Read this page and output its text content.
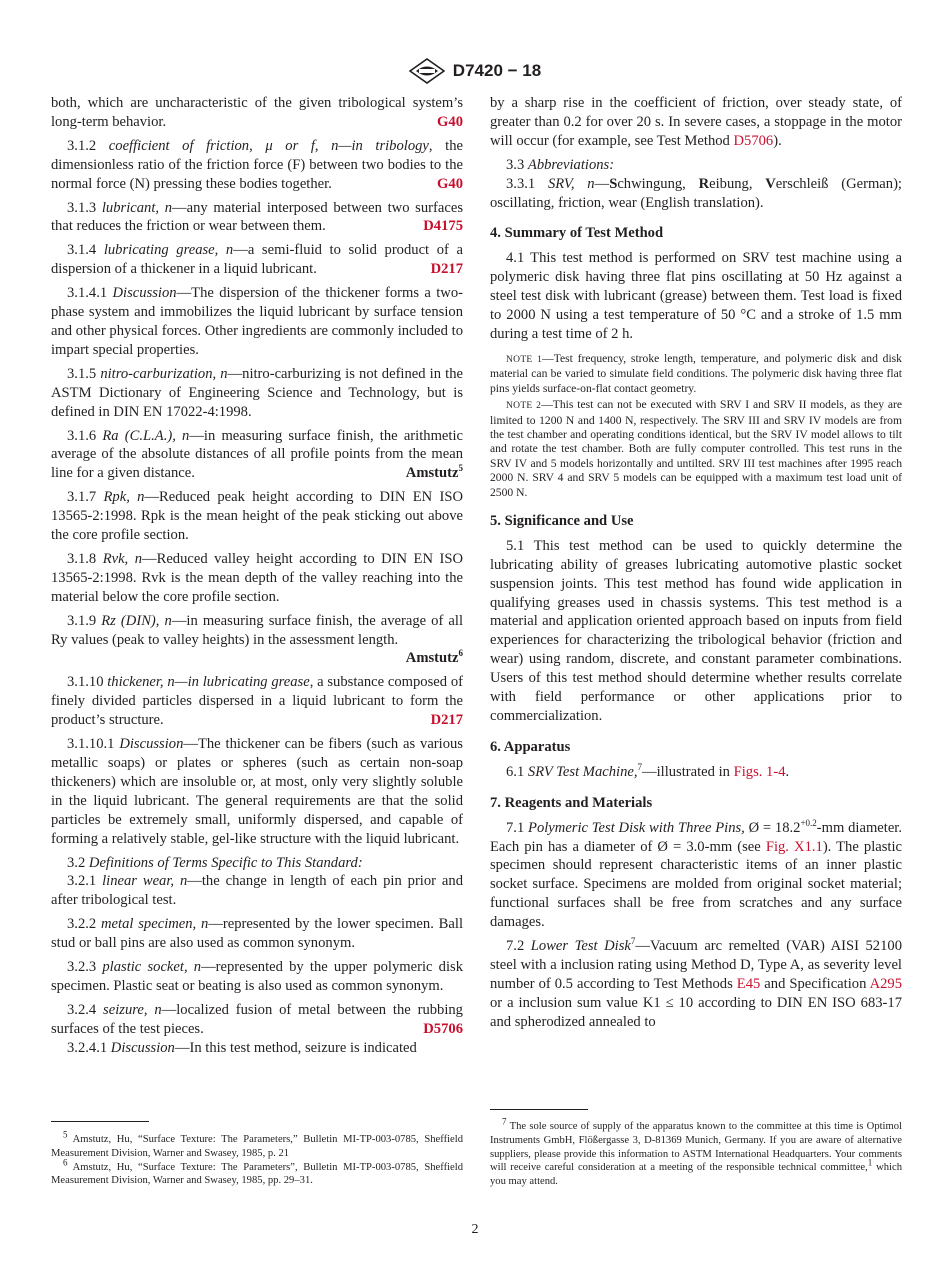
D7420 − 18

both, which are uncharacteristic of the given tribological system’s long-term behavior.	G40

3.1.2 coefficient of friction, μ or f, n—in tribology, the dimensionless ratio of the friction force (F) between two bodies to the normal force (N) pressing these bodies together.	G40

3.1.3 lubricant, n—any material interposed between two surfaces that reduces the friction or wear between them.	D4175

3.1.4 lubricating grease, n—a semi-fluid to solid product of a dispersion of a thickener in a liquid lubricant.	D217

3.1.4.1 Discussion—The dispersion of the thickener forms a two-phase system and immobilizes the liquid lubricant by surface tension and other physical forces. Other ingredients are commonly included to impart special properties.

3.1.5 nitro-carburization, n—nitro-carburizing is not defined in the ASTM Dictionary of Engineering Science and Technology, but is defined in DIN EN 17022-4:1998.

3.1.6 Ra (C.L.A.), n—in measuring surface finish, the arithmetic average of the absolute distances of all profile points from the mean line for a given distance.	Amstutz$^5$

3.1.7 Rpk, n—Reduced peak height according to DIN EN ISO 13565-2:1998. Rpk is the mean height of the peak sticking out above the core profile section.

3.1.8 Rvk, n—Reduced valley height according to DIN EN ISO 13565-2:1998. Rvk is the mean depth of the valley reaching into the material below the core profile section.

3.1.9 Rz (DIN), n—in measuring surface finish, the average of all Ry values (peak to valley heights) in the assessment length.
Amstutz$^6$

3.1.10 thickener, n—in lubricating grease, a substance composed of finely divided particles dispersed in a liquid lubricant to form the product’s structure.	D217

3.1.10.1 Discussion—The thickener can be fibers (such as various metallic soaps) or plates or spheres (such as certain non-soap thickeners) which are insoluble or, at most, only very slightly soluble in the liquid lubricant. The general requirements are that the solid particles be extremely small, uniformly dispersed, and capable of forming a relatively stable, gel-like structure with the liquid lubricant.

3.2 Definitions of Terms Specific to This Standard:

3.2.1 linear wear, n—the change in length of each pin prior and after tribological test.

3.2.2 metal specimen, n—represented by the lower specimen. Ball stud or ball pins are also used as common synonym.

3.2.3 plastic socket, n—represented by the upper polymeric disk specimen. Plastic seat or beating is also used as common synonym.

3.2.4 seizure, n—localized fusion of metal between the rubbing surfaces of the test pieces.	D5706

3.2.4.1 Discussion—In this test method, seizure is indicated

by a sharp rise in the coefficient of friction, over steady state, of greater than 0.2 for over 20 s. In severe cases, a stoppage in the motor will occur (for example, see Test Method D5706).

3.3 Abbreviations:

3.3.1 SRV, n—Schwingung, Reibung, Verschleiß (German); oscillating, friction, wear (English translation).

4. Summary of Test Method

4.1 This test method is performed on SRV test machine using a polymeric disk having three flat pins oscillating at 50 Hz against a steel test disk with lubricant (grease) between them. Test load is fixed to 2000 N using a test temperature of 50 °C and a stroke of 1.5 mm during a test time of 2 h.

NOTE 1—Test frequency, stroke length, temperature, and polymeric disk and disk material can be varied to simulate field conditions. The polymeric disk having three flat pins yields surface-on-flat contact geometry.
NOTE 2—This test can not be executed with SRV I and SRV II models, as they are limited to 1200 N and 1400 N, respectively. The SRV III and SRV IV models are from the test chamber and operating conditions identical, but the SRV IV model allows to tilt and rotate the test chamber. Both are fully computer controlled. This test runs in the SRV IV and 5 models horizontally and untilted. SRV III test machines after 1995 reach 2000 N. SRV 4 and SRV 5 models can be equipped with a maximum test load unit of 2500 N.
5. Significance and Use

5.1 This test method can be used to quickly determine the lubricating ability of greases lubricating automotive plastic socket suspension joints. This test method has found wide application in qualifying greases used in chassis systems. This test method is a material and application oriented approach based on inputs from field experiences for characterizing the tribological behavior (friction and wear) using random, discrete, and constant parameter combinations. Users of this test method should determine whether results correlate with field performance or other applications prior to commercialization.

6. Apparatus

6.1 SRV Test Machine,$^7$—illustrated in Figs. 1-4.

7. Reagents and Materials

7.1 Polymeric Test Disk with Three Pins, Ø = $18.2^{+0.2}-mm$ diameter. Each pin has a diameter of Ø = 3.0-mm (see Fig. X1.1). The plastic specimen should represent characteristic items of an inner plastic socket surface. Specimens are molded from original socket material; functional surfaces shall be free from scratches and any surface damages.

7.2 Lower Test Disk$^7$—Vacuum arc remelted (VAR) AISI 52100 steel with a inclusion rating using Method D, Type A, as severity level number of 0.5 according to Test Methods E45 and Specification A295 or a inclusion sum value K1 ≤ 10 according to DIN EN ISO 683-17 and spherodized annealed to

$^5$ Amstutz, Hu, “Surface Texture: The Parameters,” Bulletin MI-TP-003-0785, Sheffield Measurement Division, Warner and Swasey, 1985, p. 21

$^6$ Amstutz, Hu, “Surface Texture: The Parameters”, Bulletin MI-TP-003-0785, Sheffield Measurement Division, Warner and Swasey, 1985, pp. 29–31.

$^7$ The sole source of supply of the apparatus known to the committee at this time is Optimol Instruments GmbH, Flößergasse 3, D-81369 Munich, Germany. If you are aware of alternative suppliers, please provide this information to ASTM International Headquarters. Your comments will receive careful consideration at a meeting of the responsible technical committee,$^1$ which you may attend.

2
